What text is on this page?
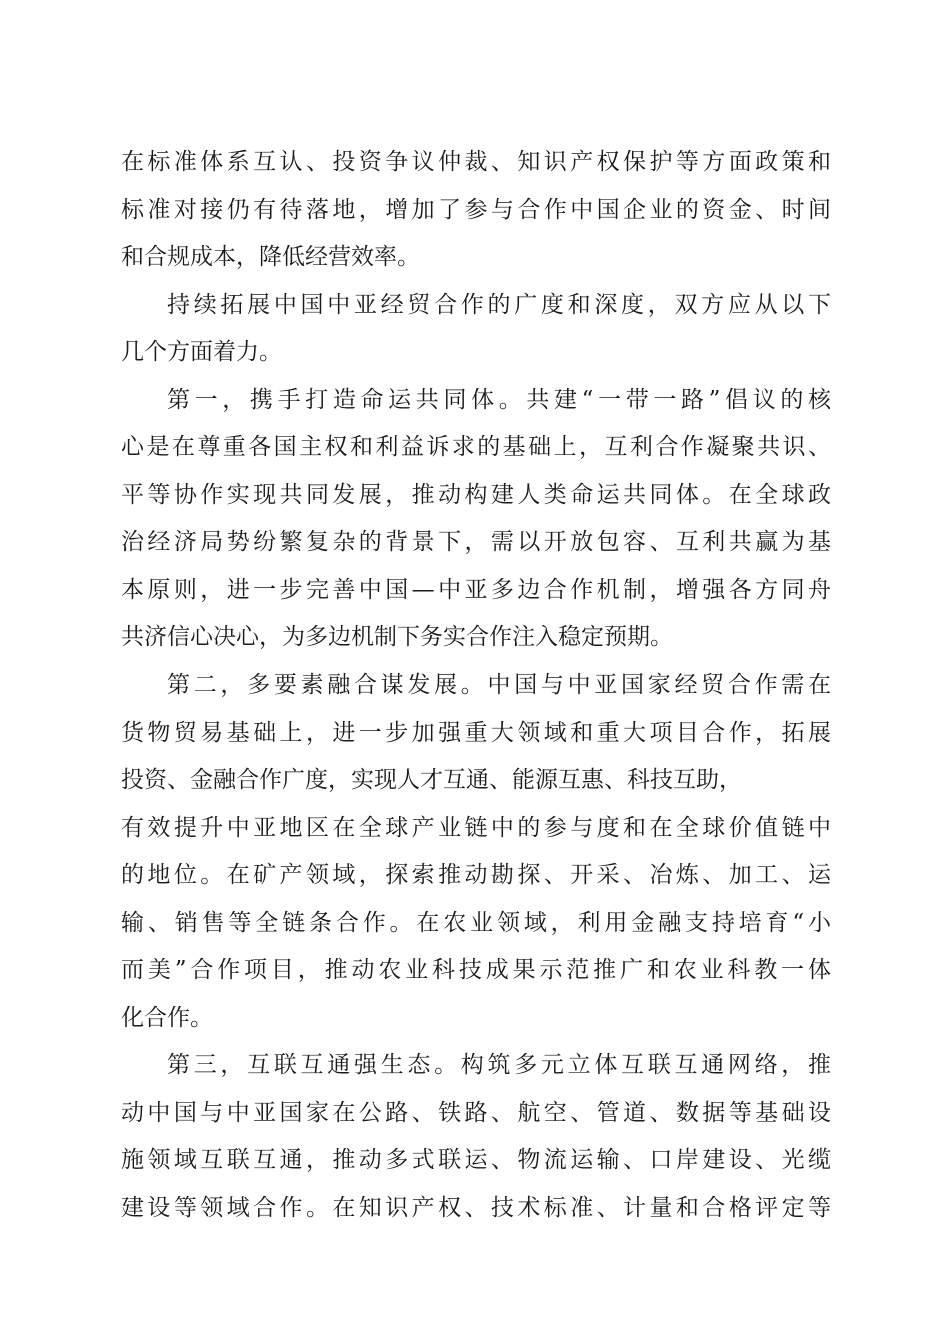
在标准体系互认、投资争议仲裁、知识产权保护等方面政策和
标准对接仍有待落地，增加了参与合作中国企业的资金、时间
和合规成本，降低经营效率。
持续拓展中国中亚经贸合作的广度和深度，双方应从以下
几个方面着力。
第一，携手打造命运共同体。共建“一带一路”倡议的核
心是在尊重各国主权和利益诉求的基础上，互利合作凝聚共识、
平等协作实现共同发展，推动构建人类命运共同体。在全球政
治经济局势纷繁复杂的背景下，需以开放包容、互利共赢为基
本原则，进一步完善中国—中亚多边合作机制，增强各方同舟
共济信心决心，为多边机制下务实合作注入稳定预期。
第二，多要素融合谋发展。中国与中亚国家经贸合作需在
货物贸易基础上，进一步加强重大领域和重大项目合作，拓展
投资、金融合作广度，实现人才互通、能源互惠、科技互助，
有效提升中亚地区在全球产业链中的参与度和在全球价值链中
的地位。在矿产领域，探索推动勘探、开采、冶炼、加工、运
输、销售等全链条合作。在农业领域，利用金融支持培育“小
而美”合作项目，推动农业科技成果示范推广和农业科教一体
化合作。
第三，互联互通强生态。构筑多元立体互联互通网络，推
动中国与中亚国家在公路、铁路、航空、管道、数据等基础设
施领域互联互通，推动多式联运、物流运输、口岸建设、光缆
建设等领域合作。在知识产权、技术标准、计量和合格评定等
